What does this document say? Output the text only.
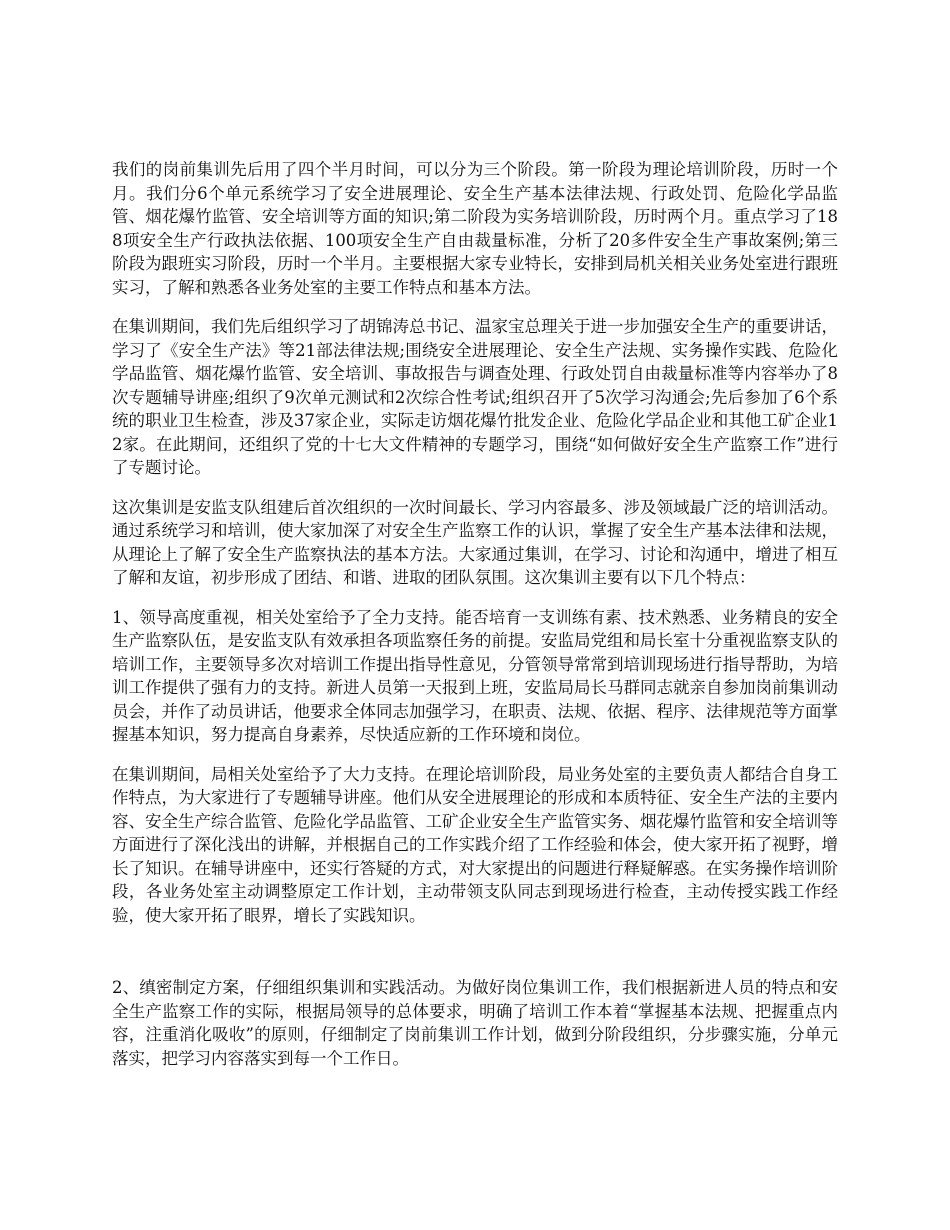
我们的岗前集训先后用了四个半月时间，可以分为三个阶段。第一阶段为理论培训阶段，历时一个月。我们分6个单元系统学习了安全进展理论、安全生产基本法律法规、行政处罚、危险化学品监管、烟花爆竹监管、安全培训等方面的知识;第二阶段为实务培训阶段，历时两个月。重点学习了188项安全生产行政执法依据、100项安全生产自由裁量标准，分析了20多件安全生产事故案例;第三阶段为跟班实习阶段，历时一个半月。主要根据大家专业特长，安排到局机关相关业务处室进行跟班实习，了解和熟悉各业务处室的主要工作特点和基本方法。

在集训期间，我们先后组织学习了胡锦涛总书记、温家宝总理关于进一步加强安全生产的重要讲话，学习了《安全生产法》等21部法律法规;围绕安全进展理论、安全生产法规、实务操作实践、危险化学品监管、烟花爆竹监管、安全培训、事故报告与调查处理、行政处罚自由裁量标准等内容举办了8次专题辅导讲座;组织了9次单元测试和2次综合性考试;组织召开了5次学习沟通会;先后参加了6个系统的职业卫生检查，涉及37家企业，实际走访烟花爆竹批发企业、危险化学品企业和其他工矿企业12家。在此期间，还组织了党的十七大文件精神的专题学习，围绕“如何做好安全生产监察工作”进行了专题讨论。

这次集训是安监支队组建后首次组织的一次时间最长、学习内容最多、涉及领域最广泛的培训活动。通过系统学习和培训，使大家加深了对安全生产监察工作的认识，掌握了安全生产基本法律和法规，从理论上了解了安全生产监察执法的基本方法。大家通过集训，在学习、讨论和沟通中，增进了相互了解和友谊，初步形成了团结、和谐、进取的团队氛围。这次集训主要有以下几个特点：

1、领导高度重视，相关处室给予了全力支持。能否培育一支训练有素、技术熟悉、业务精良的安全生产监察队伍，是安监支队有效承担各项监察任务的前提。安监局党组和局长室十分重视监察支队的培训工作，主要领导多次对培训工作提出指导性意见，分管领导常常到培训现场进行指导帮助，为培训工作提供了强有力的支持。新进人员第一天报到上班，安监局局长马群同志就亲自参加岗前集训动员会，并作了动员讲话，他要求全体同志加强学习，在职责、法规、依据、程序、法律规范等方面掌握基本知识，努力提高自身素养，尽快适应新的工作环境和岗位。

在集训期间，局相关处室给予了大力支持。在理论培训阶段，局业务处室的主要负责人都结合自身工作特点，为大家进行了专题辅导讲座。他们从安全进展理论的形成和本质特征、安全生产法的主要内容、安全生产综合监管、危险化学品监管、工矿企业安全生产监管实务、烟花爆竹监管和安全培训等方面进行了深化浅出的讲解，并根据自己的工作实践介绍了工作经验和体会，使大家开拓了视野，增长了知识。在辅导讲座中，还实行答疑的方式，对大家提出的问题进行释疑解惑。在实务操作培训阶段，各业务处室主动调整原定工作计划，主动带领支队同志到现场进行检查，主动传授实践工作经验，使大家开拓了眼界，增长了实践知识。

2、缜密制定方案，仔细组织集训和实践活动。为做好岗位集训工作，我们根据新进人员的特点和安全生产监察工作的实际，根据局领导的总体要求，明确了培训工作本着“掌握基本法规、把握重点内容，注重消化吸收”的原则，仔细制定了岗前集训工作计划，做到分阶段组织，分步骤实施，分单元落实，把学习内容落实到每一个工作日。
